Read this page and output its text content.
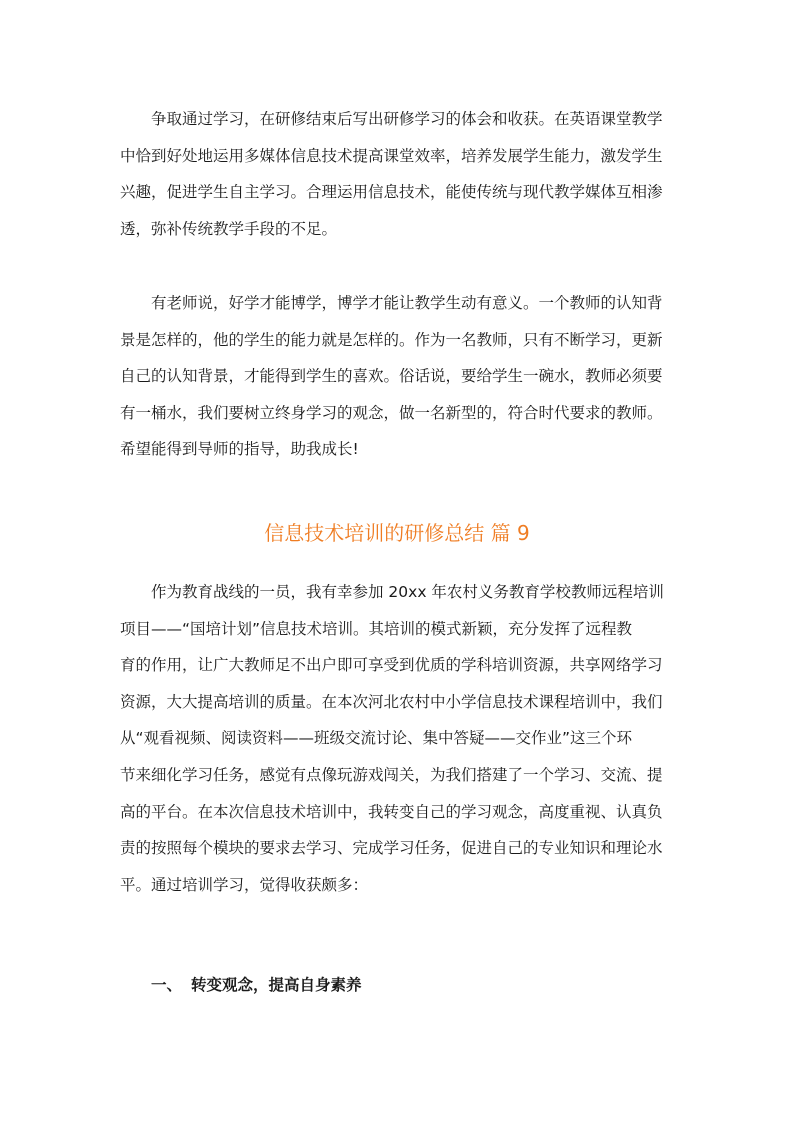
争取通过学习，在研修结束后写出研修学习的体会和收获。在英语课堂教学
中恰到好处地运用多媒体信息技术提高课堂效率，培养发展学生能力，激发学生
兴趣，促进学生自主学习。合理运用信息技术，能使传统与现代教学媒体互相渗
透，弥补传统教学手段的不足。
有老师说，好学才能博学，博学才能让教学生动有意义。一个教师的认知背
景是怎样的，他的学生的能力就是怎样的。作为一名教师，只有不断学习，更新
自己的认知背景，才能得到学生的喜欢。俗话说，要给学生一碗水，教师必须要
有一桶水，我们要树立终身学习的观念，做一名新型的，符合时代要求的教师。
希望能得到导师的指导，助我成长!
信息技术培训的研修总结 篇 9
作为教育战线的一员，我有幸参加 20xx 年农村义务教育学校教师远程培训
项目——“国培计划”信息技术培训。其培训的模式新颖，充分发挥了远程教
育的作用，让广大教师足不出户即可享受到优质的学科培训资源，共享网络学习
资源，大大提高培训的质量。在本次河北农村中小学信息技术课程培训中，我们
从“观看视频、阅读资料——班级交流讨论、集中答疑——交作业”这三个环
节来细化学习任务，感觉有点像玩游戏闯关，为我们搭建了一个学习、交流、提
高的平台。在本次信息技术培训中，我转变自己的学习观念，高度重视、认真负
责的按照每个模块的要求去学习、完成学习任务，促进自己的专业知识和理论水
平。通过培训学习，觉得收获颇多：
一、 转变观念，提高自身素养
